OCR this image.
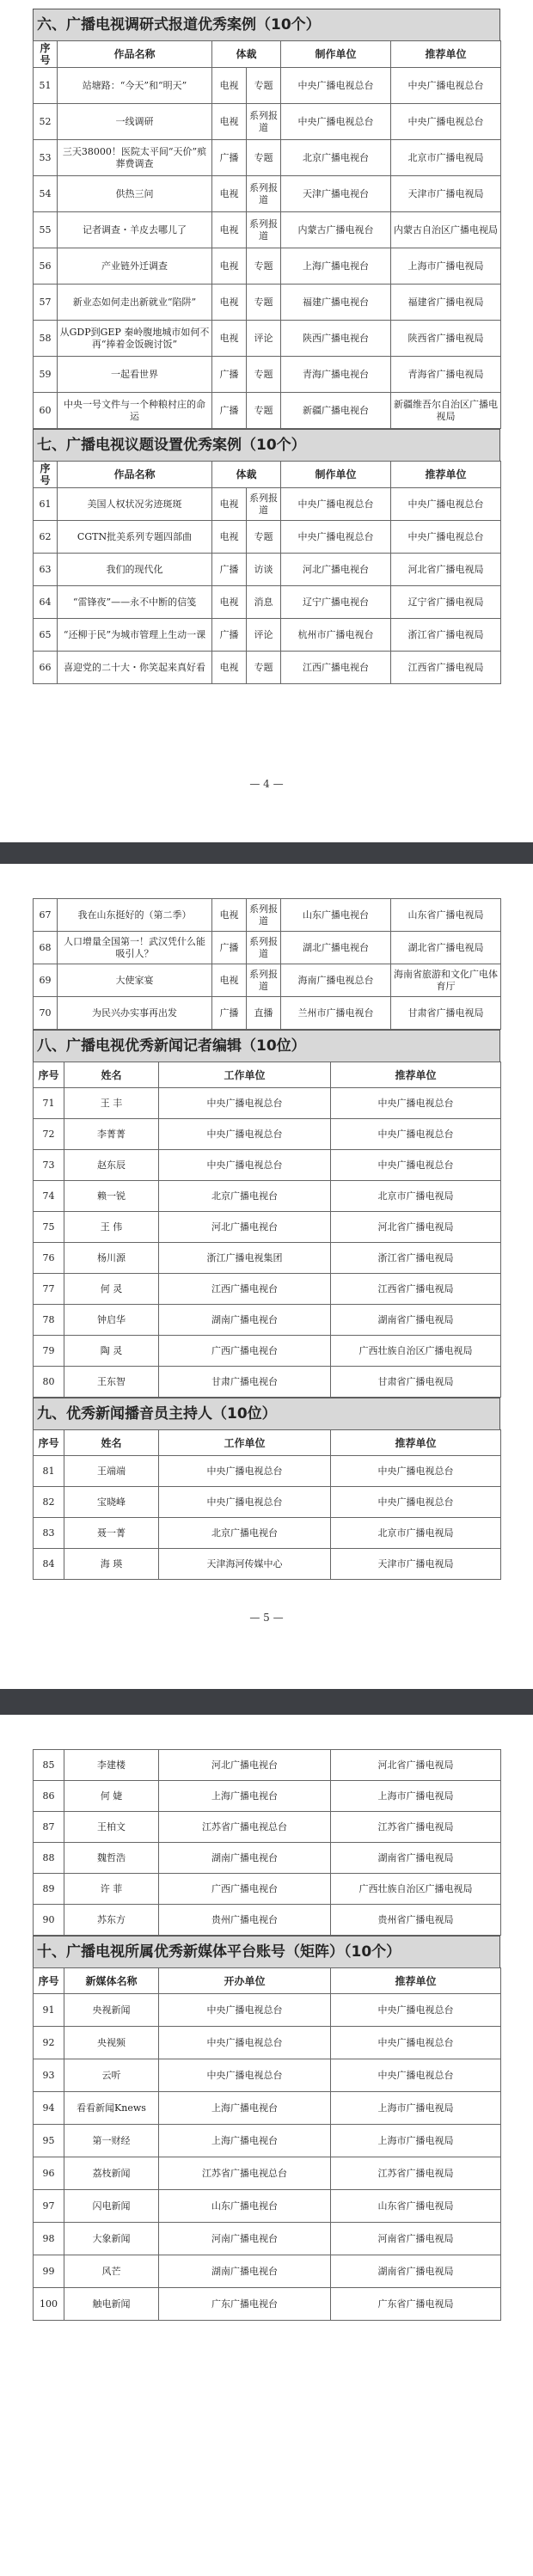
六、广播电视调研式报道优秀案例（10个）
序号	作品名称	体裁		制作单位	推荐单位
51	站塘路：“今天”和“明天”	电视	专题	中央广播电视总台	中央广播电视总台
52	一线调研	电视	系列报道	中央广播电视总台	中央广播电视总台
53	三天38000！医院太平间“天价”殡葬费调查	广播	专题	北京广播电视台	北京市广播电视局
54	供热三问	电视	系列报道	天津广播电视台	天津市广播电视局
55	记者调查・羊皮去哪儿了	电视	系列报道	内蒙古广播电视台	内蒙古自治区广播电视局
56	产业链外迁调查	电视	专题	上海广播电视台	上海市广播电视局
57	新业态如何走出新就业“陷阱”	电视	专题	福建广播电视台	福建省广播电视局
58	从GDP到GEP 秦岭腹地城市如何不再“捧着金饭碗讨饭”	电视	评论	陕西广播电视台	陕西省广播电视局
59	一起看世界	广播	专题	青海广播电视台	青海省广播电视局
60	中央一号文件与一个种粮村庄的命运	广播	专题	新疆广播电视台	新疆维吾尔自治区广播电视局
七、广播电视议题设置优秀案例（10个）
序号	作品名称	体裁		制作单位	推荐单位
61	美国人权状况劣迹斑斑	电视	系列报道	中央广播电视总台	中央广播电视总台
62	CGTN批美系列专题四部曲	电视	专题	中央广播电视总台	中央广播电视总台
63	我们的现代化	广播	访谈	河北广播电视台	河北省广播电视局
64	“雷锋夜”——永不中断的信笺	电视	消息	辽宁广播电视台	辽宁省广播电视局
65	“还柳于民”为城市管理上生动一课	广播	评论	杭州市广播电视台	浙江省广播电视局
66	喜迎党的二十大・你笑起来真好看	电视	专题	江西广播电视台	江西省广播电视局
— 4 —
67	我在山东挺好的（第二季）	电视	系列报道	山东广播电视台	山东省广播电视局
68	人口增量全国第一！武汉凭什么能吸引人？	广播	系列报道	湖北广播电视台	湖北省广播电视局
69	大使家宴	电视	系列报道	海南广播电视总台	海南省旅游和文化广电体育厅
70	为民兴办实事再出发	广播	直播	兰州市广播电视台	甘肃省广播电视局
八、广播电视优秀新闻记者编辑（10位）
序号	姓名	工作单位	推荐单位
71	王 丰	中央广播电视总台	中央广播电视总台
72	李菁菁	中央广播电视总台	中央广播电视总台
73	赵东辰	中央广播电视总台	中央广播电视总台
74	赖一锐	北京广播电视台	北京市广播电视局
75	王 伟	河北广播电视台	河北省广播电视局
76	杨川源	浙江广播电视集团	浙江省广播电视局
77	何 灵	江西广播电视台	江西省广播电视局
78	钟启华	湖南广播电视台	湖南省广播电视局
79	陶 灵	广西广播电视台	广西壮族自治区广播电视局
80	王东智	甘肃广播电视台	甘肃省广播电视局
九、优秀新闻播音员主持人（10位）
序号	姓名	工作单位	推荐单位
81	王端端	中央广播电视总台	中央广播电视总台
82	宝晓峰	中央广播电视总台	中央广播电视总台
83	聂一菁	北京广播电视台	北京市广播电视局
84	海 瑛	天津海河传媒中心	天津市广播电视局
— 5 —
85	李建楼	河北广播电视台	河北省广播电视局
86	何 婕	上海广播电视台	上海市广播电视局
87	王柏文	江苏省广播电视总台	江苏省广播电视局
88	魏哲浩	湖南广播电视台	湖南省广播电视局
89	许 菲	广西广播电视台	广西壮族自治区广播电视局
90	苏东方	贵州广播电视台	贵州省广播电视局
十、广播电视所属优秀新媒体平台账号（矩阵）（10个）
序号	新媒体名称	开办单位	推荐单位
91	央视新闻	中央广播电视总台	中央广播电视总台
92	央视频	中央广播电视总台	中央广播电视总台
93	云听	中央广播电视总台	中央广播电视总台
94	看看新闻Knews	上海广播电视台	上海市广播电视局
95	第一财经	上海广播电视台	上海市广播电视局
96	荔枝新闻	江苏省广播电视总台	江苏省广播电视局
97	闪电新闻	山东广播电视台	山东省广播电视局
98	大象新闻	河南广播电视台	河南省广播电视局
99	风芒	湖南广播电视台	湖南省广播电视局
100	触电新闻	广东广播电视台	广东省广播电视局
